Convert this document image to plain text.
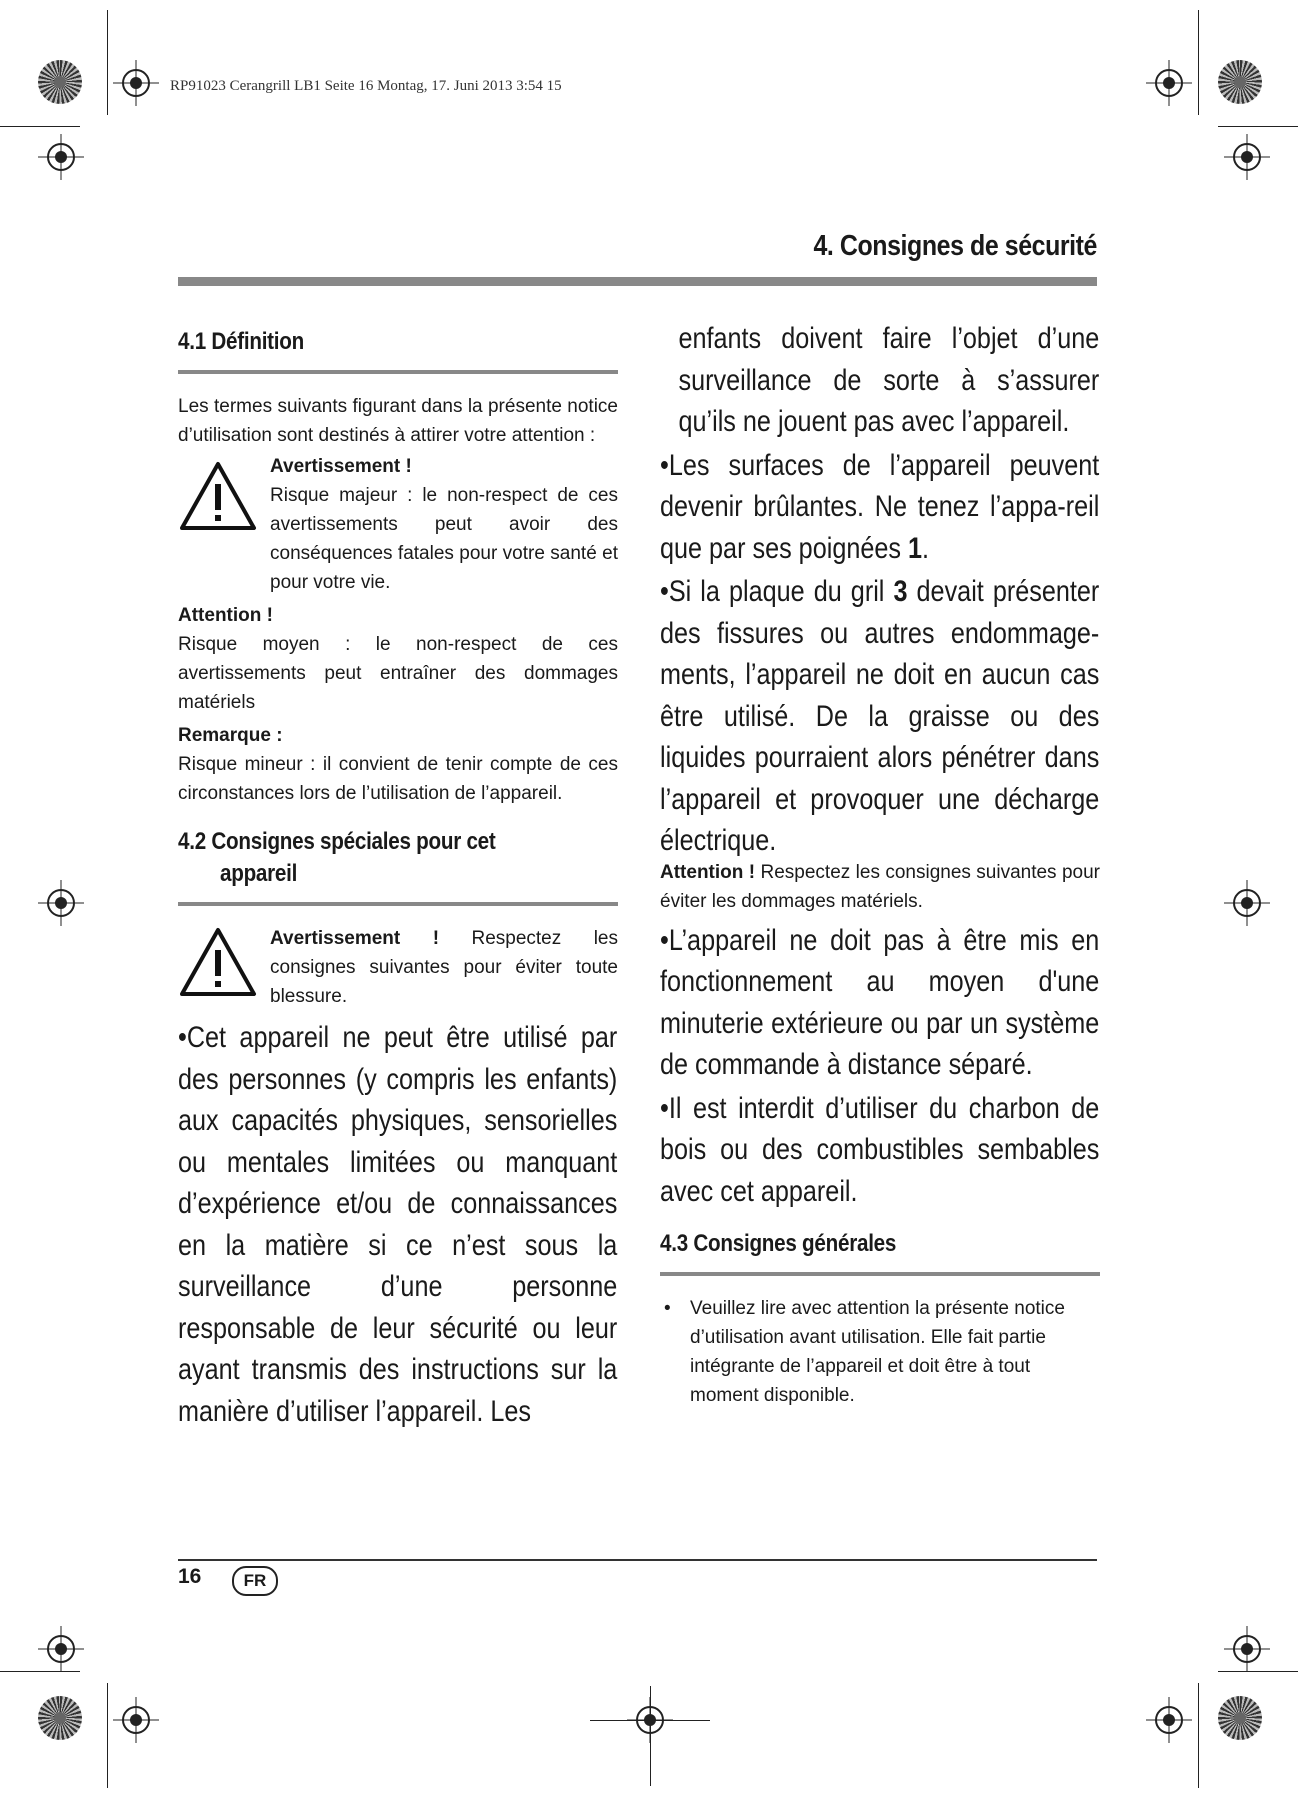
RP91023 Cerangrill LB1 Seite 16 Montag, 17. Juni 2013 3:54 15
4. Consignes de sécurité
4.1 Définition

Les termes suivants figurant dans la présente notice d’utilisation sont destinés à attirer votre attention :

Avertissement !

Risque majeur : le non-respect de ces avertissements peut avoir des conséquences fatales pour votre santé et pour votre vie.

Attention !

Risque moyen : le non-respect de ces avertissements peut entraîner des dommages matériels

Remarque :

Risque mineur : il convient de tenir compte de ces circonstances lors de l’utilisation de l’appareil.

4.2 Consignes spéciales pour cet
appareil

Avertissement ! Respectez les consignes suivantes pour éviter toute blessure.

•Cet appareil ne peut être utilisé par des personnes (y compris les enfants) aux capacités physiques, sensorielles ou mentales limitées ou manquant d’expérience et/ou de connaissances en la matière si ce n’est sous la surveillance d’une personne responsable de leur sécurité ou leur ayant transmis des instructions sur la manière d’utiliser l’appareil. Les

enfants doivent faire l’objet d’une surveillance de sorte à s’assurer qu’ils ne jouent pas avec l’appareil.

•Les surfaces de l’appareil peuvent devenir brûlantes. Ne tenez l’appa-reil que par ses poignées 1.

•Si la plaque du gril 3 devait présenter des fissures ou autres endommage-ments, l’appareil ne doit en aucun cas être utilisé. De la graisse ou des liquides pourraient alors pénétrer dans l’appareil et provoquer une décharge électrique.

Attention ! Respectez les consignes suivantes pour éviter les dommages matériels.

•L’appareil ne doit pas à être mis en fonctionnement au moyen d'une minuterie extérieure ou par un système de commande à distance séparé.

•Il est interdit d’utiliser du charbon de bois ou des combustibles sembables avec cet appareil.

4.3 Consignes générales

• Veuillez lire avec attention la présente notice d’utilisation avant utilisation. Elle fait partie intégrante de l’appareil et doit être à tout moment disponible.

16	FR
